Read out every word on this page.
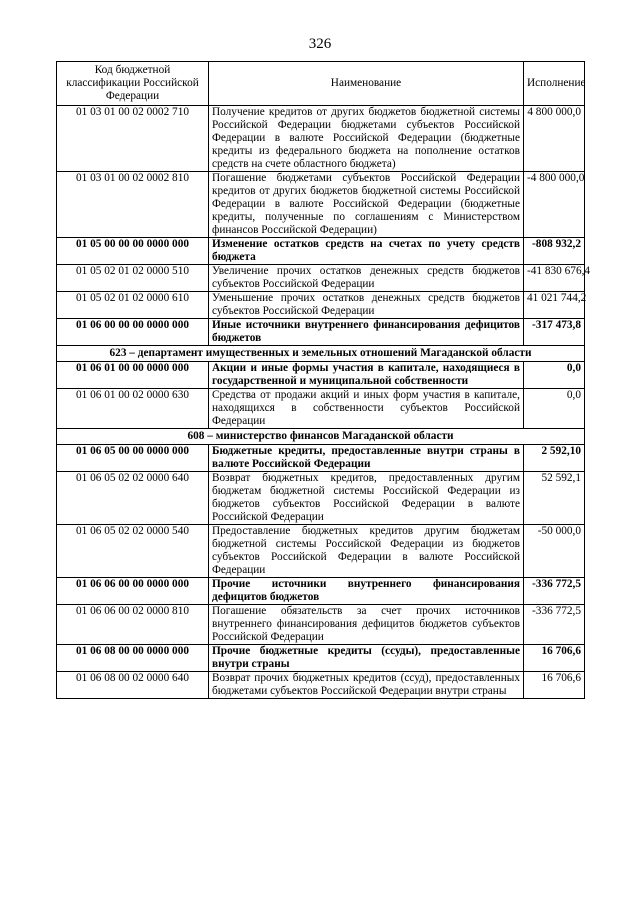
326
Код бюджетной классификации Российской Федерации	Наименование	Исполнение
01 03 01 00 02 0002 710	Получение кредитов от других бюджетов бюджетной системы Российской Федерации бюджетами субъектов Российской Федерации в валюте Российской Федерации (бюджетные кредиты из федерального бюджета на пополнение остатков средств на счете областного бюджета)	4 800 000,0
01 03 01 00 02 0002 810	Погашение бюджетами субъектов Российской Федерации кредитов от других бюджетов бюджетной системы Российской Федерации в валюте Российской Федерации (бюджетные кредиты, полученные по соглашениям с Министерством финансов Российской Федерации)	-4 800 000,0
01 05 00 00 00 0000 000	Изменение остатков средств на счетах по учету средств бюджета	-808 932,2
01 05 02 01 02 0000 510	Увеличение прочих остатков денежных средств бюджетов субъектов Российской Федерации	-41 830 676,4
01 05 02 01 02 0000 610	Уменьшение прочих остатков денежных средств бюджетов субъектов Российской Федерации	41 021 744,2
01 06 00 00 00 0000 000	Иные источники внутреннего финансирования дефицитов бюджетов	-317 473,8
623 – департамент имущественных и земельных отношений Магаданской области		
01 06 01 00 00 0000 000	Акции и иные формы участия в капитале, находящиеся в государственной и муниципальной собственности	0,0
01 06 01 00 02 0000 630	Средства от продажи акций и иных форм участия в капитале, находящихся в собственности субъектов Российской Федерации	0,0
608 – министерство финансов Магаданской области		
01 06 05 00 00 0000 000	Бюджетные кредиты, предоставленные внутри страны в валюте Российской Федерации	2 592,10
01 06 05 02 02 0000 640	Возврат бюджетных кредитов, предоставленных другим бюджетам бюджетной системы Российской Федерации из бюджетов субъектов Российской Федерации в валюте Российской Федерации	52 592,1
01 06 05 02 02 0000 540	Предоставление бюджетных кредитов другим бюджетам бюджетной системы Российской Федерации из бюджетов субъектов Российской Федерации в валюте Российской Федерации	-50 000,0
01 06 06 00 00 0000 000	Прочие источники внутреннего финансирования дефицитов бюджетов	-336 772,5
01 06 06 00 02 0000 810	Погашение обязательств за счет прочих источников внутреннего финансирования дефицитов бюджетов субъектов Российской Федерации	-336 772,5
01 06 08 00 00 0000 000	Прочие бюджетные кредиты (ссуды), предоставленные внутри страны	16 706,6
01 06 08 00 02 0000 640	Возврат прочих бюджетных кредитов (ссуд), предоставленных бюджетами субъектов Российской Федерации внутри страны	16 706,6
